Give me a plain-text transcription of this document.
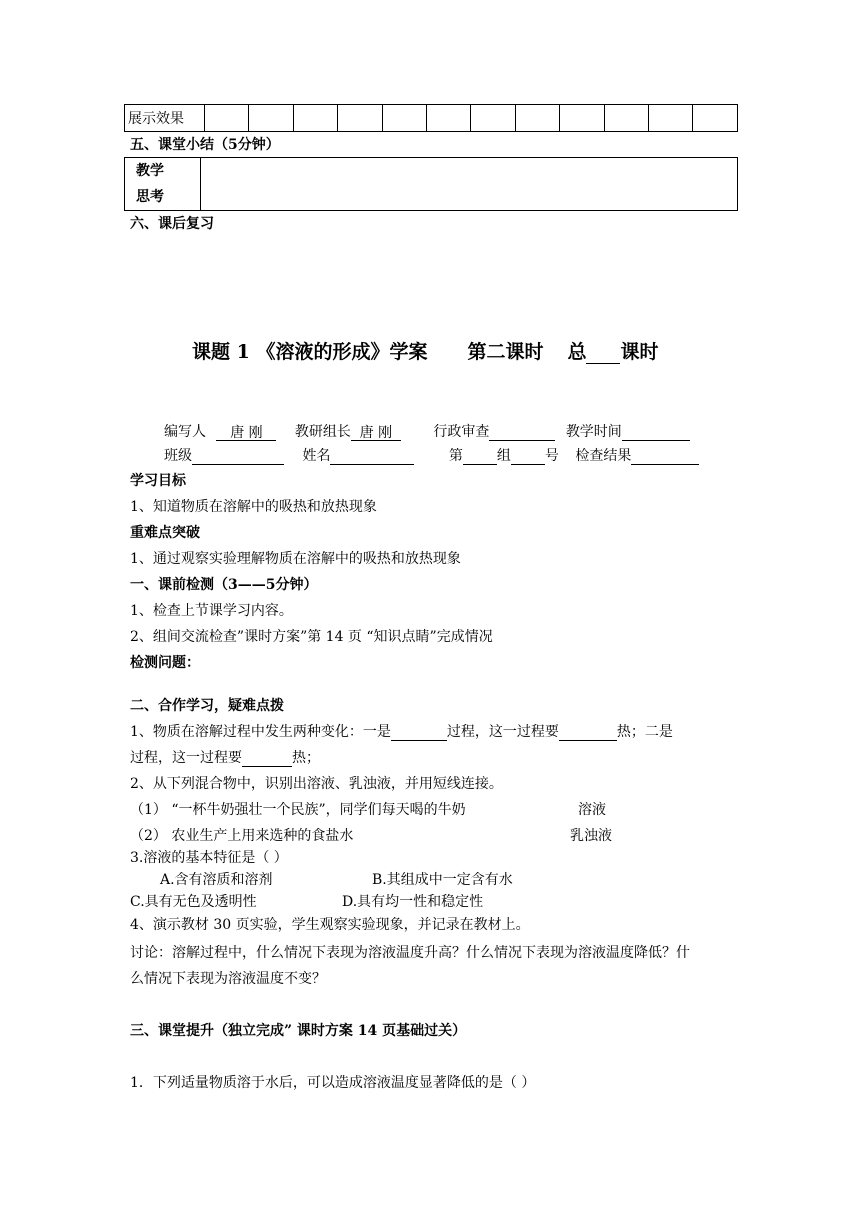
展示效果												
五、课堂小结（5分钟）
教学
思考

六、课后复习
课题 1 《溶液的形成》学案 第二课时 总 课时
编写人 唐 刚 教研组长 唐 刚	行政审查	教学时间
班级	姓名	第 组 号 检查结果
学习目标
1、知道物质在溶解中的吸热和放热现象
重难点突破
1、通过观察实验理解物质在溶解中的吸热和放热现象
一、课前检测（3——5分钟）
1、检查上节课学习内容。
2、组间交流检查”课时方案”第 14 页 “知识点睛”完成情况
检测问题：
二、合作学习，疑难点拨
1、物质在溶解过程中发生两种变化：一是	过程，这一过程要	热；二是
过程，这一过程要	热；
2、从下列混合物中，识别出溶液、乳浊液，并用短线连接。
（1） “一杯牛奶强壮一个民族”，同学们每天喝的牛奶	溶液
（2） 农业生产上用来选种的食盐水	乳浊液
3.溶液的基本特征是（ ）
A.含有溶质和溶剂	B.其组成中一定含有水
C.具有无色及透明性	D.具有均一性和稳定性
4、演示教材 30 页实验，学生观察实验现象，并记录在教材上。
讨论：溶解过程中，什么情况下表现为溶液温度升高？什么情况下表现为溶液温度降低？什
么情况下表现为溶液温度不变？
三、课堂提升（独立完成” 课时方案 14 页基础过关）
1．下列适量物质溶于水后，可以造成溶液温度显著降低的是（ ）
